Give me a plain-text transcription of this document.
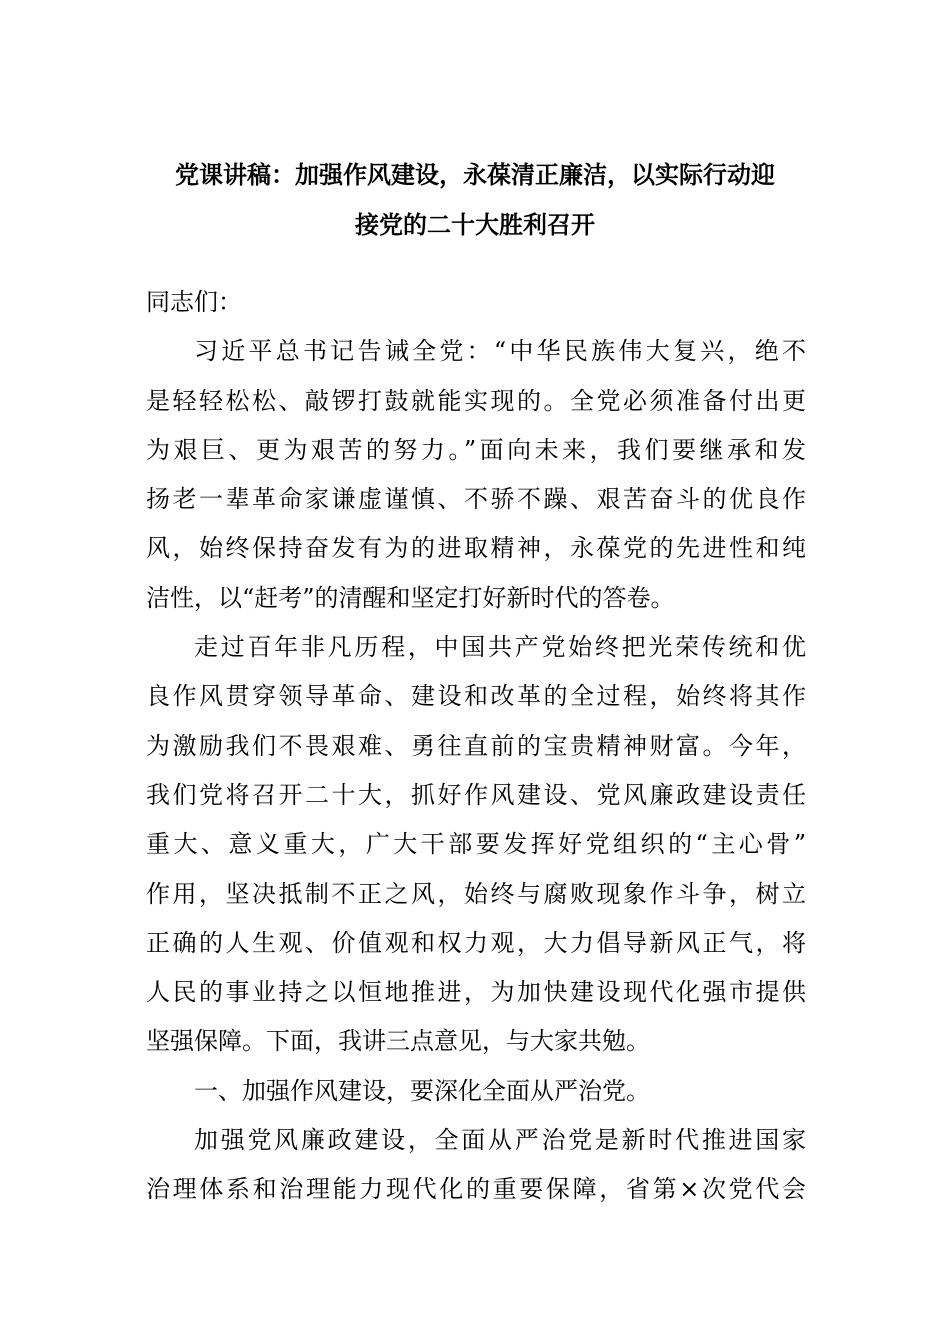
党课讲稿：加强作风建设，永葆清正廉洁，以实际行动迎
接党的二十大胜利召开
同志们：
习近平总书记告诫全党：“中华民族伟大复兴，绝不
是轻轻松松、敲锣打鼓就能实现的。全党必须准备付出更
为艰巨、更为艰苦的努力。”面向未来，我们要继承和发
扬老一辈革命家谦虚谨慎、不骄不躁、艰苦奋斗的优良作
风，始终保持奋发有为的进取精神，永葆党的先进性和纯
洁性，以“赶考”的清醒和坚定打好新时代的答卷。
走过百年非凡历程，中国共产党始终把光荣传统和优
良作风贯穿领导革命、建设和改革的全过程，始终将其作
为激励我们不畏艰难、勇往直前的宝贵精神财富。今年，
我们党将召开二十大，抓好作风建设、党风廉政建设责任
重大、意义重大，广大干部要发挥好党组织的“主心骨”
作用，坚决抵制不正之风，始终与腐败现象作斗争，树立
正确的人生观、价值观和权力观，大力倡导新风正气，将
人民的事业持之以恒地推进，为加快建设现代化强市提供
坚强保障。下面，我讲三点意见，与大家共勉。
一、加强作风建设，要深化全面从严治党。
加强党风廉政建设，全面从严治党是新时代推进国家
治理体系和治理能力现代化的重要保障，省第×次党代会
